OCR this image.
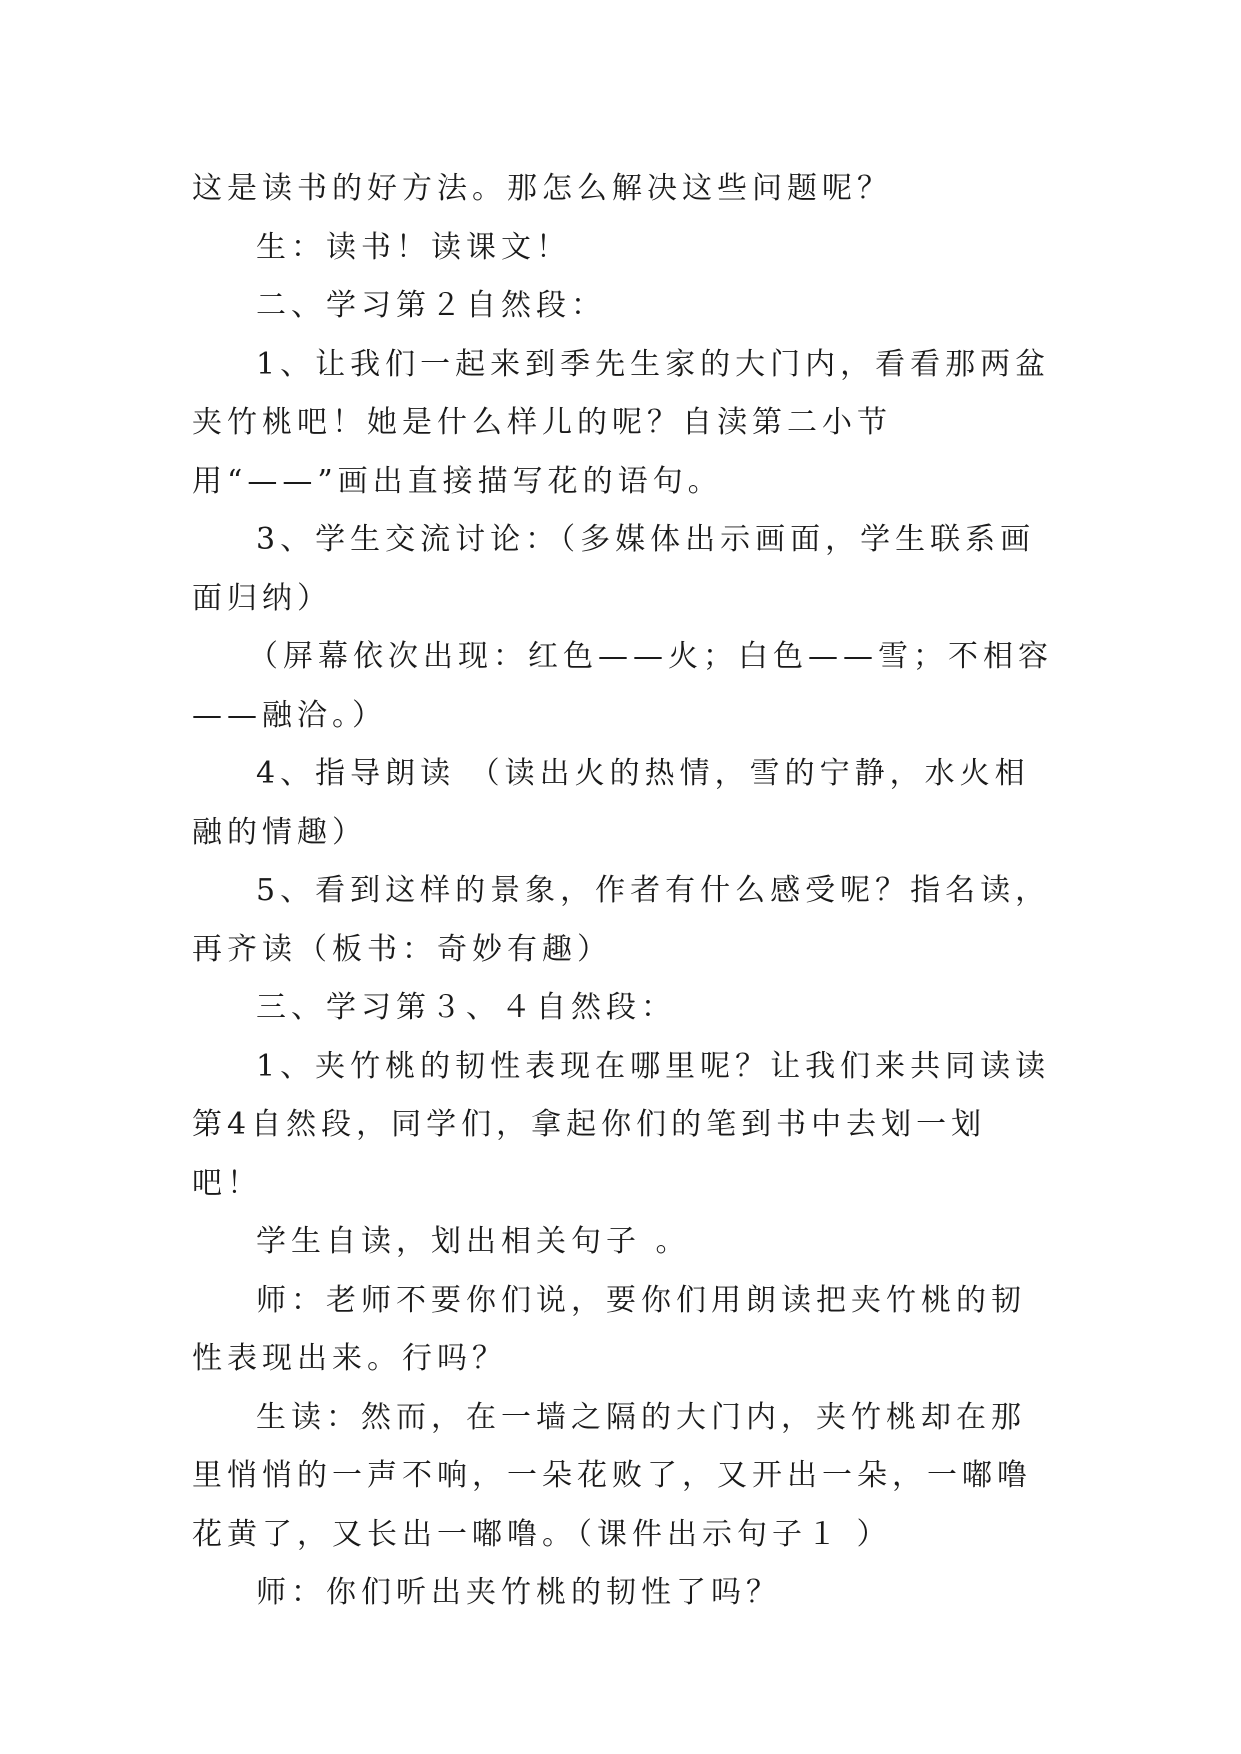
这是读书的好方法。那怎么解决这些问题呢？

生：读书！读课文！

二、学习第２自然段：

1、让我们一起来到季先生家的大门内，看看那两盆夹竹桃吧！她是什么样儿的呢？自渎第二小节用“——”画出直接描写花的语句。

3、学生交流讨论：（多媒体出示画面，学生联系画面归纳）

（屏幕依次出现：红色——火；白色——雪；不相容——融洽。）

4、指导朗读 （读出火的热情，雪的宁静，水火相融的情趣）

5、看到这样的景象，作者有什么感受呢？指名读，再齐读（板书：奇妙有趣）

三、学习第３、４自然段：

1、夹竹桃的韧性表现在哪里呢？让我们来共同读读第4自然段，同学们，拿起你们的笔到书中去划一划吧！

学生自读，划出相关句子 。

师：老师不要你们说，要你们用朗读把夹竹桃的韧性表现出来。行吗？

生读：然而，在一墙之隔的大门内，夹竹桃却在那里悄悄的一声不响，一朵花败了，又开出一朵，一嘟噜花黄了，又长出一嘟噜。（课件出示句子１ ）

师：你们听出夹竹桃的韧性了吗？
